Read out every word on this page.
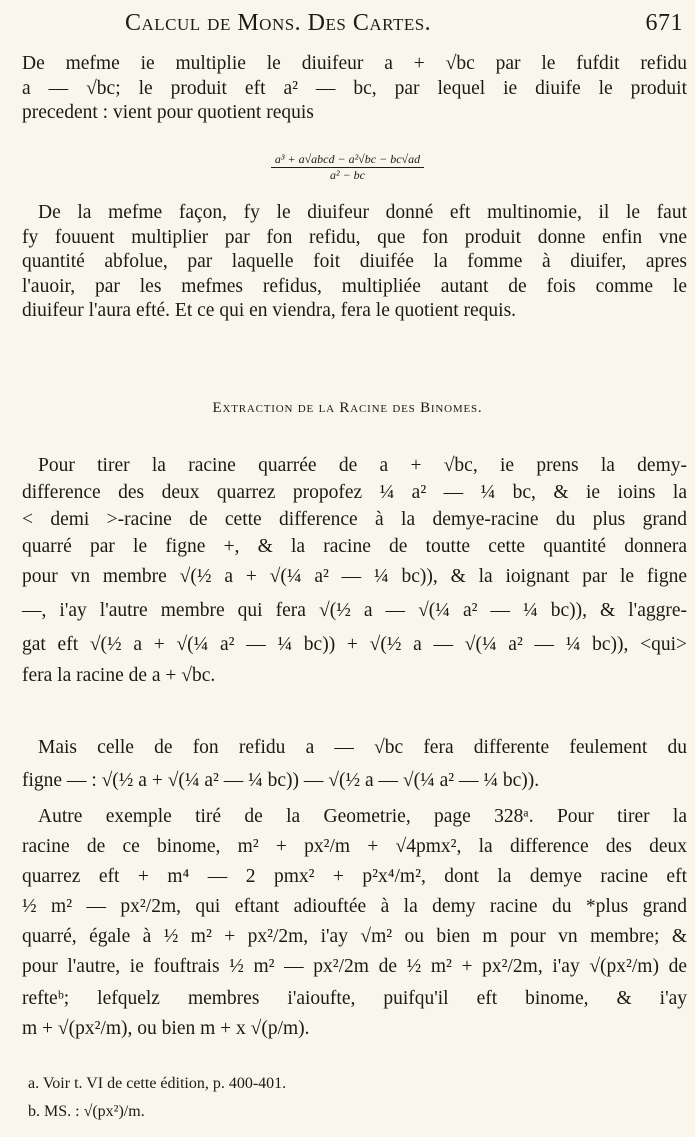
Calcul de Mons. Des Cartes.	671
De mefme ie multiplie le diuifeur a + √bc par le fufdit refidu
a — √bc; le produit eft a² — bc, par lequel ie diuife le produit
precedent : vient pour quotient requis
$\frac{\text{a³ + a√abcd − a²√bc − bc√ad}}{\text{a² − bc}}$
De la mefme façon, fy le diuifeur donné eft multinomie, il le faut
fy fouuent multiplier par fon refidu, que fon produit donne enfin vne
quantité abfolue, par laquelle foit diuifée la fomme à diuifer, apres
l'auoir, par les mefmes refidus, multipliée autant de fois comme le
diuifeur l'aura efté. Et ce qui en viendra, fera le quotient requis.
Extraction de la Racine des Binomes.
Pour tirer la racine quarrée de a + √bc, ie prens la demy-
difference des deux quarrez propofez ¼ a² — ¼ bc, & ie ioins la
< demi >-racine de cette difference à la demye-racine du plus grand
quarré par le figne +, & la racine de toutte cette quantité donnera
pour vn membre √(½ a + √(¼ a² — ¼ bc)), & la ioignant par le figne
—, i'ay l'autre membre qui fera √(½ a — √(¼ a² — ¼ bc)), & l'aggre-
gat eft √(½ a + √(¼ a² — ¼ bc)) + √(½ a — √(¼ a² — ¼ bc)), <qui>
fera la racine de a + √bc.
Mais celle de fon refidu a — √bc fera differente feulement du
figne — : √(½ a + √(¼ a² — ¼ bc)) — √(½ a — √(¼ a² — ¼ bc)).
Autre exemple tiré de la Geometrie, page 328ᵃ. Pour tirer la
racine de ce binome, m² + px²/m + √4pmx², la difference des deux
quarrez eft + m⁴ — 2 pmx² + p²x⁴/m², dont la demye racine eft
½ m² — px²/2m, qui eftant adiouftée à la demy racine du *plus grand
quarré, égale à ½ m² + px²/2m, i'ay √m² ou bien m pour vn membre; &
pour l'autre, ie fouftrais ½ m² — px²/2m de ½ m² + px²/2m, i'ay √(px²/m) de
refteᵇ; lefquelz membres i'aioufte, puifqu'il eft binome, & i'ay
m + √(px²/m), ou bien m + x √(p/m).
a. Voir t. VI de cette édition, p. 400-401.
b. MS. : √(px²)/m.
